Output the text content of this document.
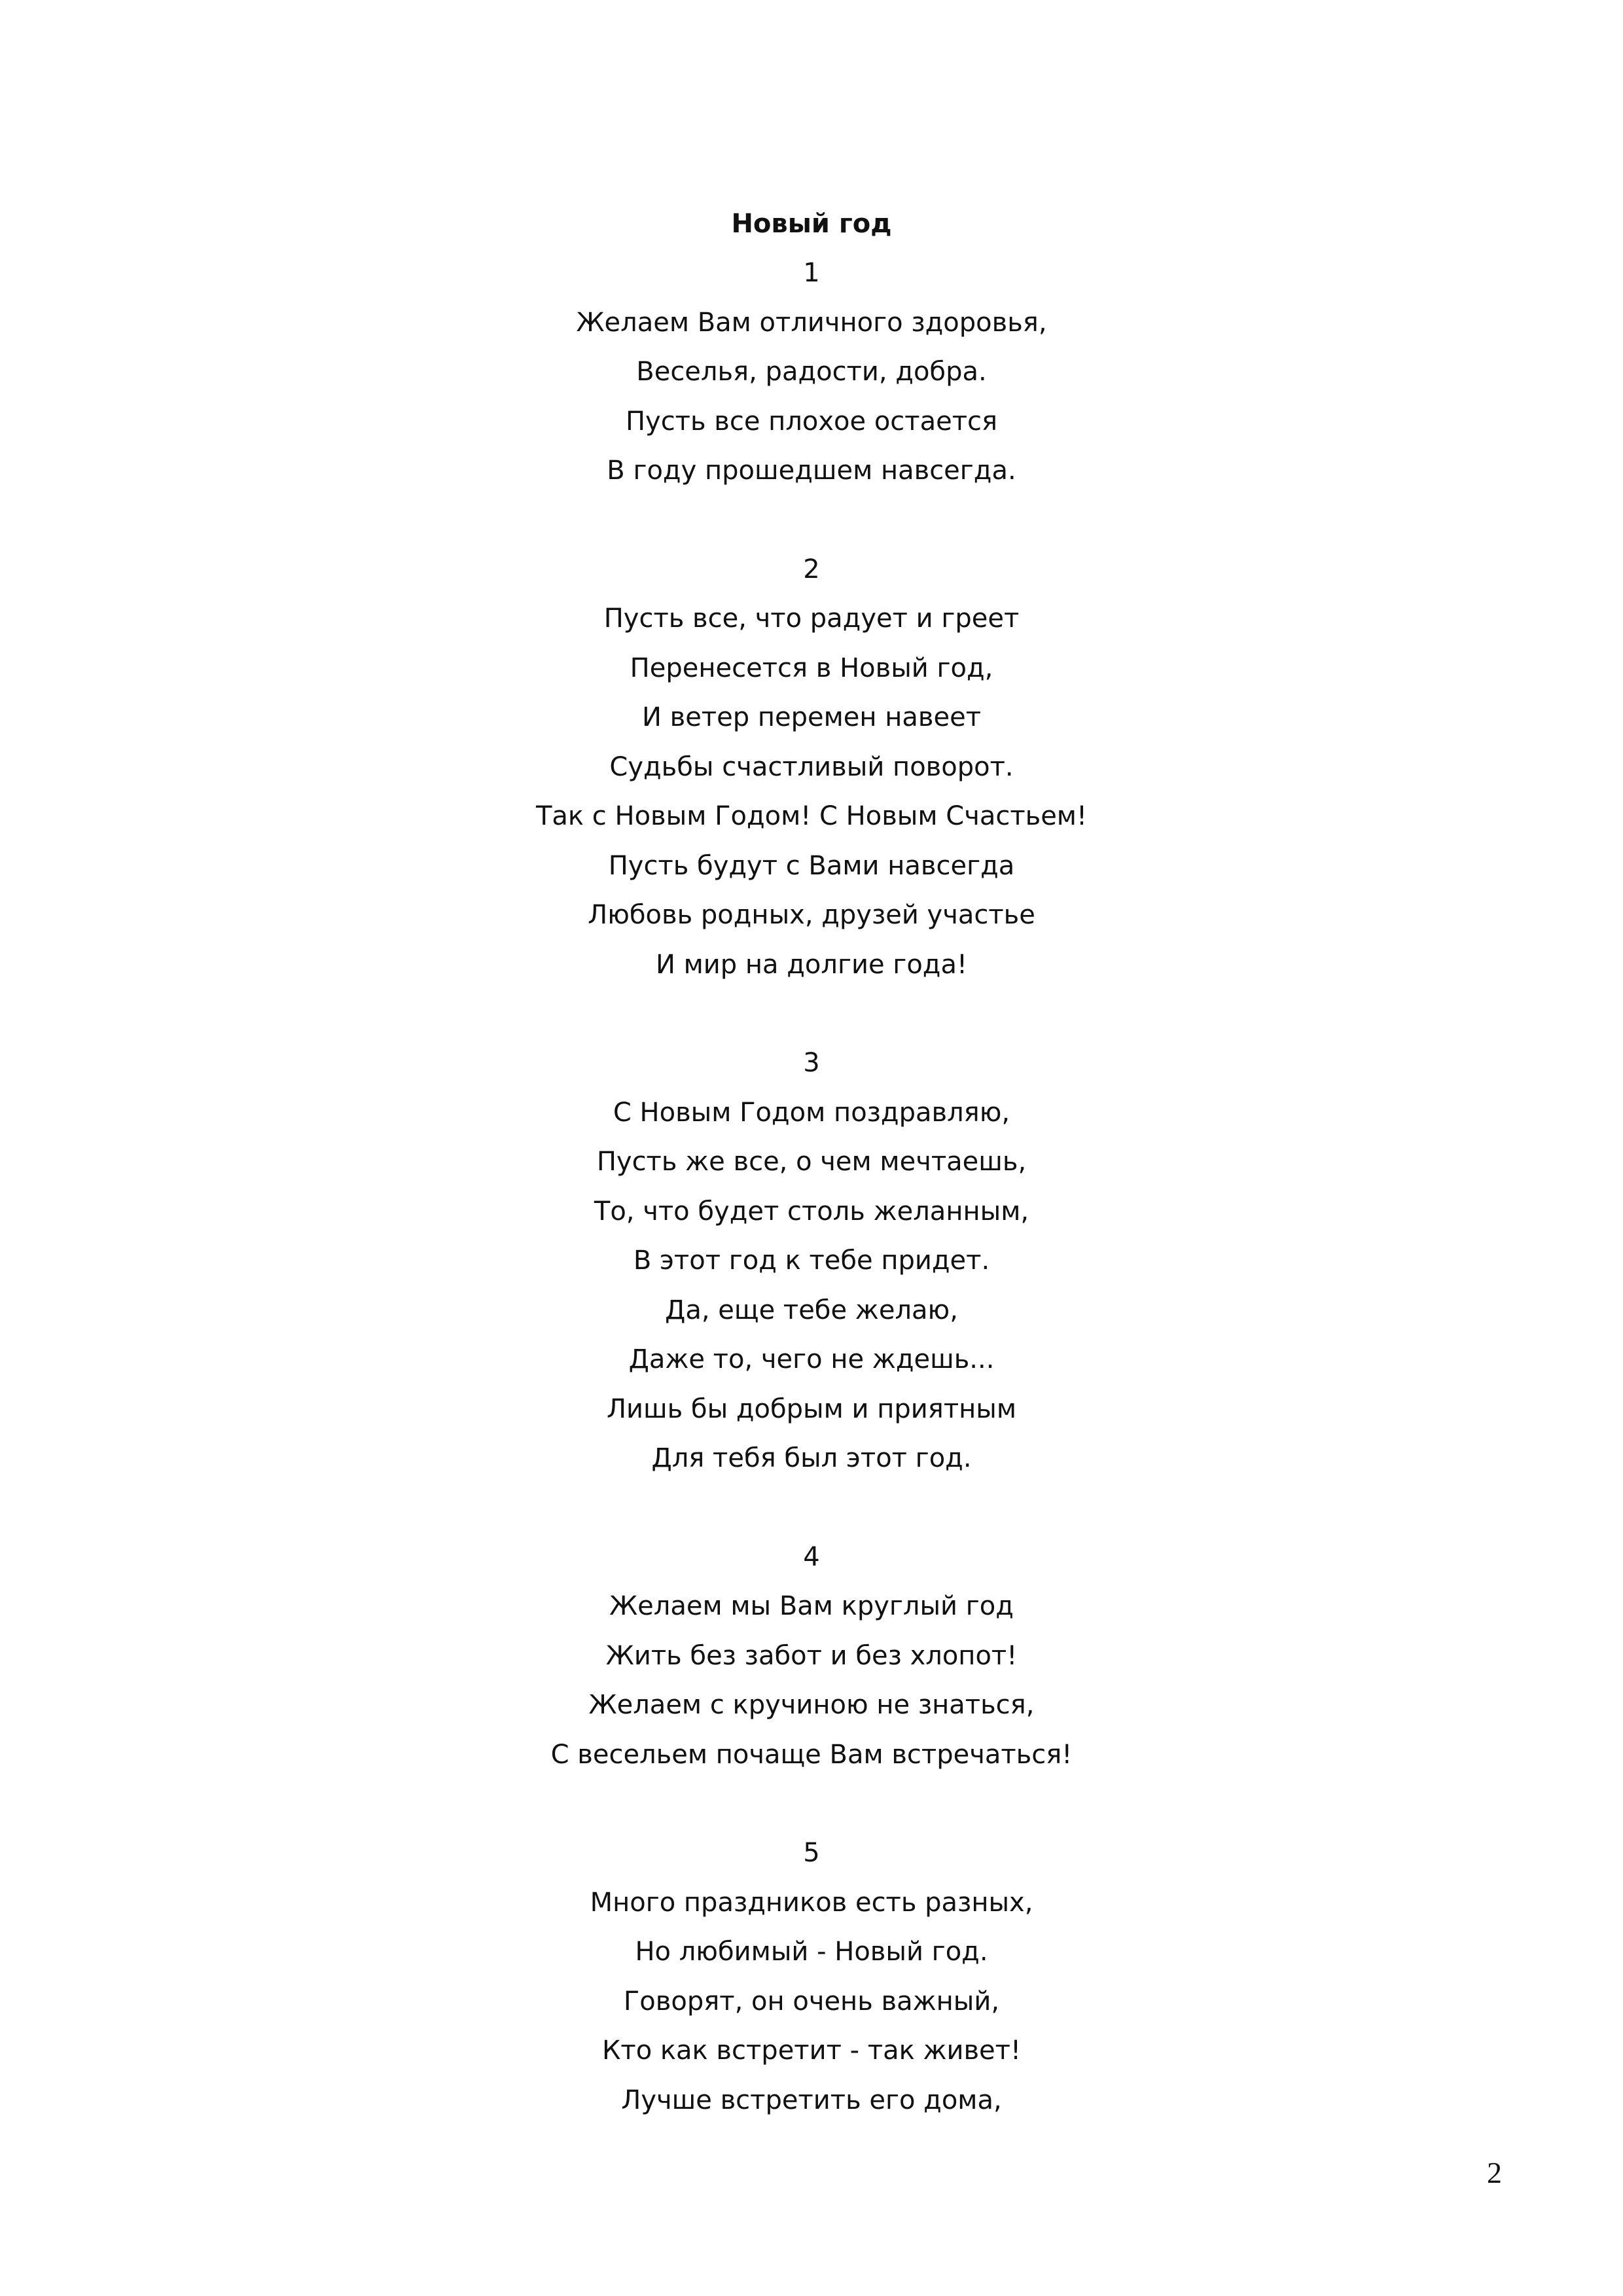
Новый год
1
Желаем Вам отличного здоровья,
Веселья, радости, добра.
Пусть все плохое остается
В году прошедшем навсегда.
2
Пусть все, что радует и греет
Перенесется в Новый год,
И ветер перемен навеет
Судьбы счастливый поворот.
Так с Новым Годом! С Новым Счастьем!
Пусть будут с Вами навсегда
Любовь родных, друзей участье
И мир на долгие года!
3
С Новым Годом поздравляю,
Пусть же все, о чем мечтаешь,
То, что будет столь желанным,
В этот год к тебе придет.
Да, еще тебе желаю,
Даже то, чего не ждешь...
Лишь бы добрым и приятным
Для тебя был этот год.
4
Желаем мы Вам круглый год
Жить без забот и без хлопот!
Желаем с кручиною не знаться,
С весельем почаще Вам встречаться!
5
Много праздников есть разных,
Но любимый - Новый год.
Говорят, он очень важный,
Кто как встретит - так живет!
Лучше встретить его дома,
2
